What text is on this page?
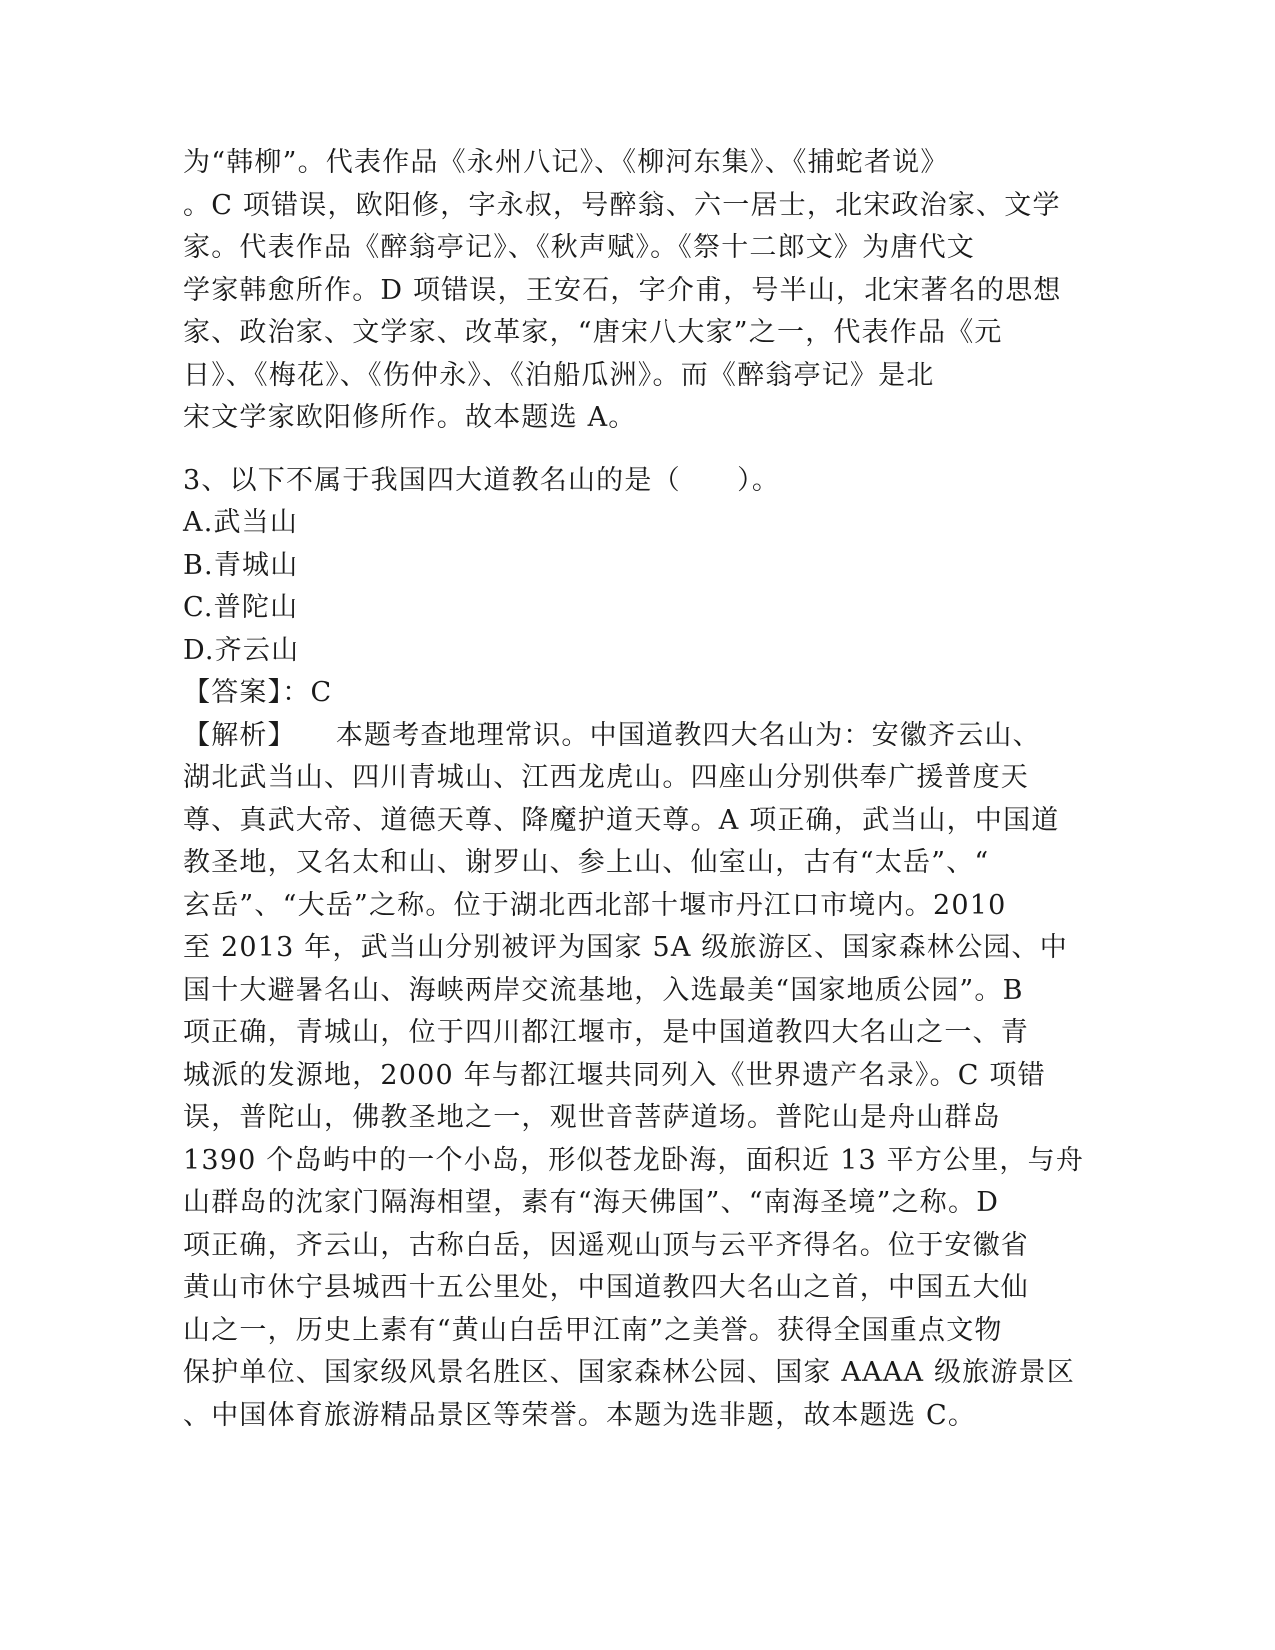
为“韩柳”。代表作品《永州八记》、《柳河东集》、《捕蛇者说》
。C 项错误，欧阳修，字永叔，号醉翁、六一居士，北宋政治家、文学
家。代表作品《醉翁亭记》、《秋声赋》。《祭十二郎文》为唐代文
学家韩愈所作。D 项错误，王安石，字介甫，号半山，北宋著名的思想
家、政治家、文学家、改革家，“唐宋八大家”之一，代表作品《元
日》、《梅花》、《伤仲永》、《泊船瓜洲》。而《醉翁亭记》是北
宋文学家欧阳修所作。故本题选 A。
3、以下不属于我国四大道教名山的是（　　）。
A.武当山
B.青城山
C.普陀山
D.齐云山
【答案】：C
【解析】 本题考查地理常识。中国道教四大名山为：安徽齐云山、
湖北武当山、四川青城山、江西龙虎山。四座山分别供奉广援普度天
尊、真武大帝、道德天尊、降魔护道天尊。A 项正确，武当山，中国道
教圣地，又名太和山、谢罗山、参上山、仙室山，古有“太岳”、“
玄岳”、“大岳”之称。位于湖北西北部十堰市丹江口市境内。2010
至 2013 年，武当山分别被评为国家 5A 级旅游区、国家森林公园、中
国十大避暑名山、海峡两岸交流基地，入选最美“国家地质公园”。B
项正确，青城山，位于四川都江堰市，是中国道教四大名山之一、青
城派的发源地，2000 年与都江堰共同列入《世界遗产名录》。C 项错
误，普陀山，佛教圣地之一，观世音菩萨道场。普陀山是舟山群岛
1390 个岛屿中的一个小岛，形似苍龙卧海，面积近 13 平方公里，与舟
山群岛的沈家门隔海相望，素有“海天佛国”、“南海圣境”之称。D
项正确，齐云山，古称白岳，因遥观山顶与云平齐得名。位于安徽省
黄山市休宁县城西十五公里处，中国道教四大名山之首，中国五大仙
山之一，历史上素有“黄山白岳甲江南”之美誉。获得全国重点文物
保护单位、国家级风景名胜区、国家森林公园、国家 AAAA 级旅游景区
、中国体育旅游精品景区等荣誉。本题为选非题，故本题选 C。
